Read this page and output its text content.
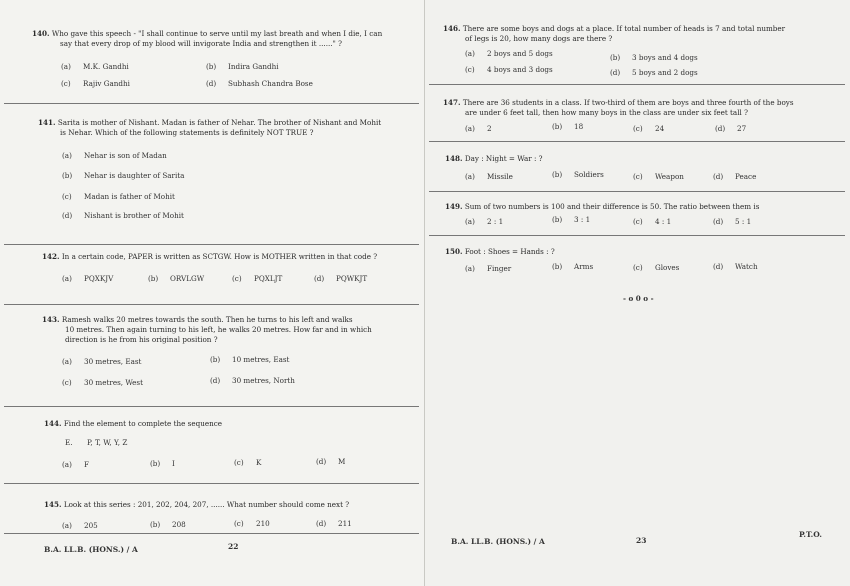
140. Who gave this speech - "I shall continue to serve until my last breath and when I die, I can
say that every drop of my blood will invigorate India and strengthen it ......" ?
(a) M.K. Gandhi	(b) Indira Gandhi
(c) Rajiv Gandhi	(d) Subhash Chandra Bose
141. Sarita is mother of Nishant. Madan is father of Nehar. The brother of Nishant and Mohit
is Nehar. Which of the following statements is definitely NOT TRUE ?
(a) Nehar is son of Madan
(b) Nehar is daughter of Sarita
(c) Madan is father of Mohit
(d) Nishant is brother of Mohit
142. In a certain code, PAPER is written as SCTGW. How is MOTHER written in that code ?
(a) PQXKJV	(b) ORVLGW	(c) PQXLJT	(d) PQWKJT
143. Ramesh walks 20 metres towards the south. Then he turns to his left and walks
10 metres. Then again turning to his left, he walks 20 metres. How far and in which
direction is he from his original position ?
(a) 30 metres, East	(b) 10 metres, East
(c) 30 metres, West	(d) 30 metres, North
144. Find the element to complete the sequence
E. P, T, W, Y, Z
(a) F	(b) I	(c) K	(d) M
145. Look at this series : 201, 202, 204, 207, ...... What number should come next ?
(a) 205	(b) 208	(c) 210	(d) 211
B.A. LL.B. (HONS.) / A	22
146. There are some boys and dogs at a place. If total number of heads is 7 and total number
of legs is 20, how many dogs are there ?
(a) 2 boys and 5 dogs	(b) 3 boys and 4 dogs
(c) 4 boys and 3 dogs	(d) 5 boys and 2 dogs
147. There are 36 students in a class. If two-third of them are boys and three fourth of the boys
are under 6 feet tall, then how many boys in the class are under six feet tall ?
(a) 2	(b) 18	(c) 24	(d) 27
148. Day : Night = War : ?
(a) Missile	(b) Soldiers	(c) Weapon	(d) Peace
149. Sum of two numbers is 100 and their difference is 50. The ratio between them is
(a) 2 : 1	(b) 3 : 1	(c) 4 : 1	(d) 5 : 1
150. Foot : Shoes = Hands : ?
(a) Finger	(b) Arms	(c) Gloves	(d) Watch
- o 0 o -
B.A. LL.B. (HONS.) / A	23
P.T.O.
